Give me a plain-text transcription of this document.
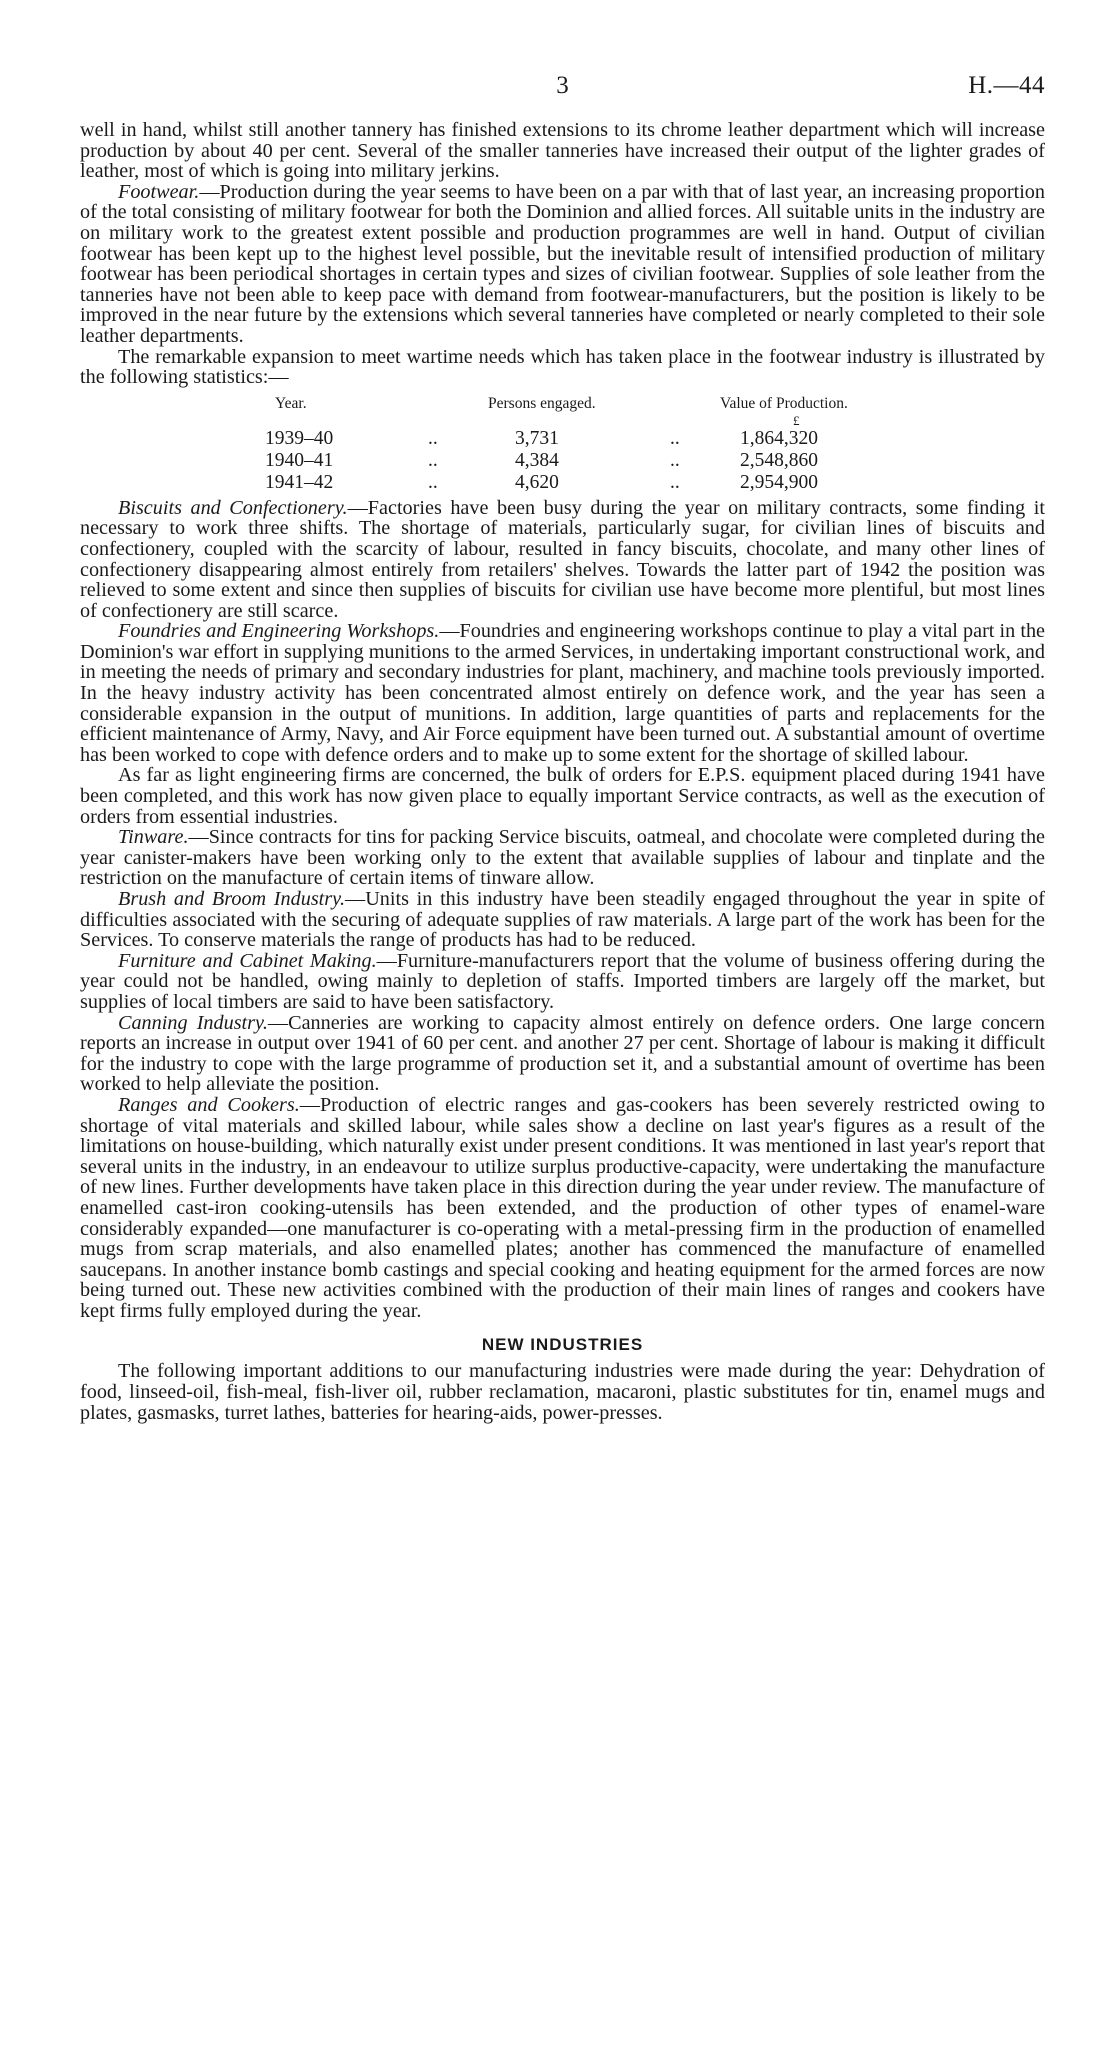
3	H.—44

well in hand, whilst still another tannery has finished extensions to its chrome leather department which will increase production by about 40 per cent. Several of the smaller tanneries have increased their output of the lighter grades of leather, most of which is going into military jerkins.

Footwear.—Production during the year seems to have been on a par with that of last year, an increasing proportion of the total consisting of military footwear for both the Dominion and allied forces. All suitable units in the industry are on military work to the greatest extent possible and production programmes are well in hand. Output of civilian footwear has been kept up to the highest level possible, but the inevitable result of intensified production of military footwear has been periodical shortages in certain types and sizes of civilian footwear. Supplies of sole leather from the tanneries have not been able to keep pace with demand from footwear-manufacturers, but the position is likely to be improved in the near future by the extensions which several tanneries have completed or nearly completed to their sole leather departments.

The remarkable expansion to meet wartime needs which has taken place in the footwear industry is illustrated by the following statistics:—

Year.	Persons engaged.	Value of Production.
£
1939–40	..	3,731	..	1,864,320
1940–41	..	4,384	..	2,548,860
1941–42	..	4,620	..	2,954,900

Biscuits and Confectionery.—Factories have been busy during the year on military contracts, some finding it necessary to work three shifts. The shortage of materials, particularly sugar, for civilian lines of biscuits and confectionery, coupled with the scarcity of labour, resulted in fancy biscuits, chocolate, and many other lines of confectionery disappearing almost entirely from retailers' shelves. Towards the latter part of 1942 the position was relieved to some extent and since then supplies of biscuits for civilian use have become more plentiful, but most lines of confectionery are still scarce.

Foundries and Engineering Workshops.—Foundries and engineering workshops continue to play a vital part in the Dominion's war effort in supplying munitions to the armed Services, in undertaking important constructional work, and in meeting the needs of primary and secondary industries for plant, machinery, and machine tools previously imported. In the heavy industry activity has been concentrated almost entirely on defence work, and the year has seen a considerable expansion in the output of munitions. In addition, large quantities of parts and replacements for the efficient maintenance of Army, Navy, and Air Force equipment have been turned out. A substantial amount of overtime has been worked to cope with defence orders and to make up to some extent for the shortage of skilled labour.

As far as light engineering firms are concerned, the bulk of orders for E.P.S. equipment placed during 1941 have been completed, and this work has now given place to equally important Service contracts, as well as the execution of orders from essential industries.

Tinware.—Since contracts for tins for packing Service biscuits, oatmeal, and chocolate were completed during the year canister-makers have been working only to the extent that available supplies of labour and tinplate and the restriction on the manufacture of certain items of tinware allow.

Brush and Broom Industry.—Units in this industry have been steadily engaged throughout the year in spite of difficulties associated with the securing of adequate supplies of raw materials. A large part of the work has been for the Services. To conserve materials the range of products has had to be reduced.

Furniture and Cabinet Making.—Furniture-manufacturers report that the volume of business offering during the year could not be handled, owing mainly to depletion of staffs. Imported timbers are largely off the market, but supplies of local timbers are said to have been satisfactory.

Canning Industry.—Canneries are working to capacity almost entirely on defence orders. One large concern reports an increase in output over 1941 of 60 per cent. and another 27 per cent. Shortage of labour is making it difficult for the industry to cope with the large programme of production set it, and a substantial amount of overtime has been worked to help alleviate the position.

Ranges and Cookers.—Production of electric ranges and gas-cookers has been severely restricted owing to shortage of vital materials and skilled labour, while sales show a decline on last year's figures as a result of the limitations on house-building, which naturally exist under present conditions. It was mentioned in last year's report that several units in the industry, in an endeavour to utilize surplus productive-capacity, were undertaking the manufacture of new lines. Further developments have taken place in this direction during the year under review. The manufacture of enamelled cast-iron cooking-utensils has been extended, and the production of other types of enamel-ware considerably expanded—one manufacturer is co-operating with a metal-pressing firm in the production of enamelled mugs from scrap materials, and also enamelled plates; another has commenced the manufacture of enamelled saucepans. In another instance bomb castings and special cooking and heating equipment for the armed forces are now being turned out. These new activities combined with the production of their main lines of ranges and cookers have kept firms fully employed during the year.

NEW INDUSTRIES

The following important additions to our manufacturing industries were made during the year: Dehydration of food, linseed-oil, fish-meal, fish-liver oil, rubber reclamation, macaroni, plastic substitutes for tin, enamel mugs and plates, gasmasks, turret lathes, batteries for hearing-aids, power-presses.
